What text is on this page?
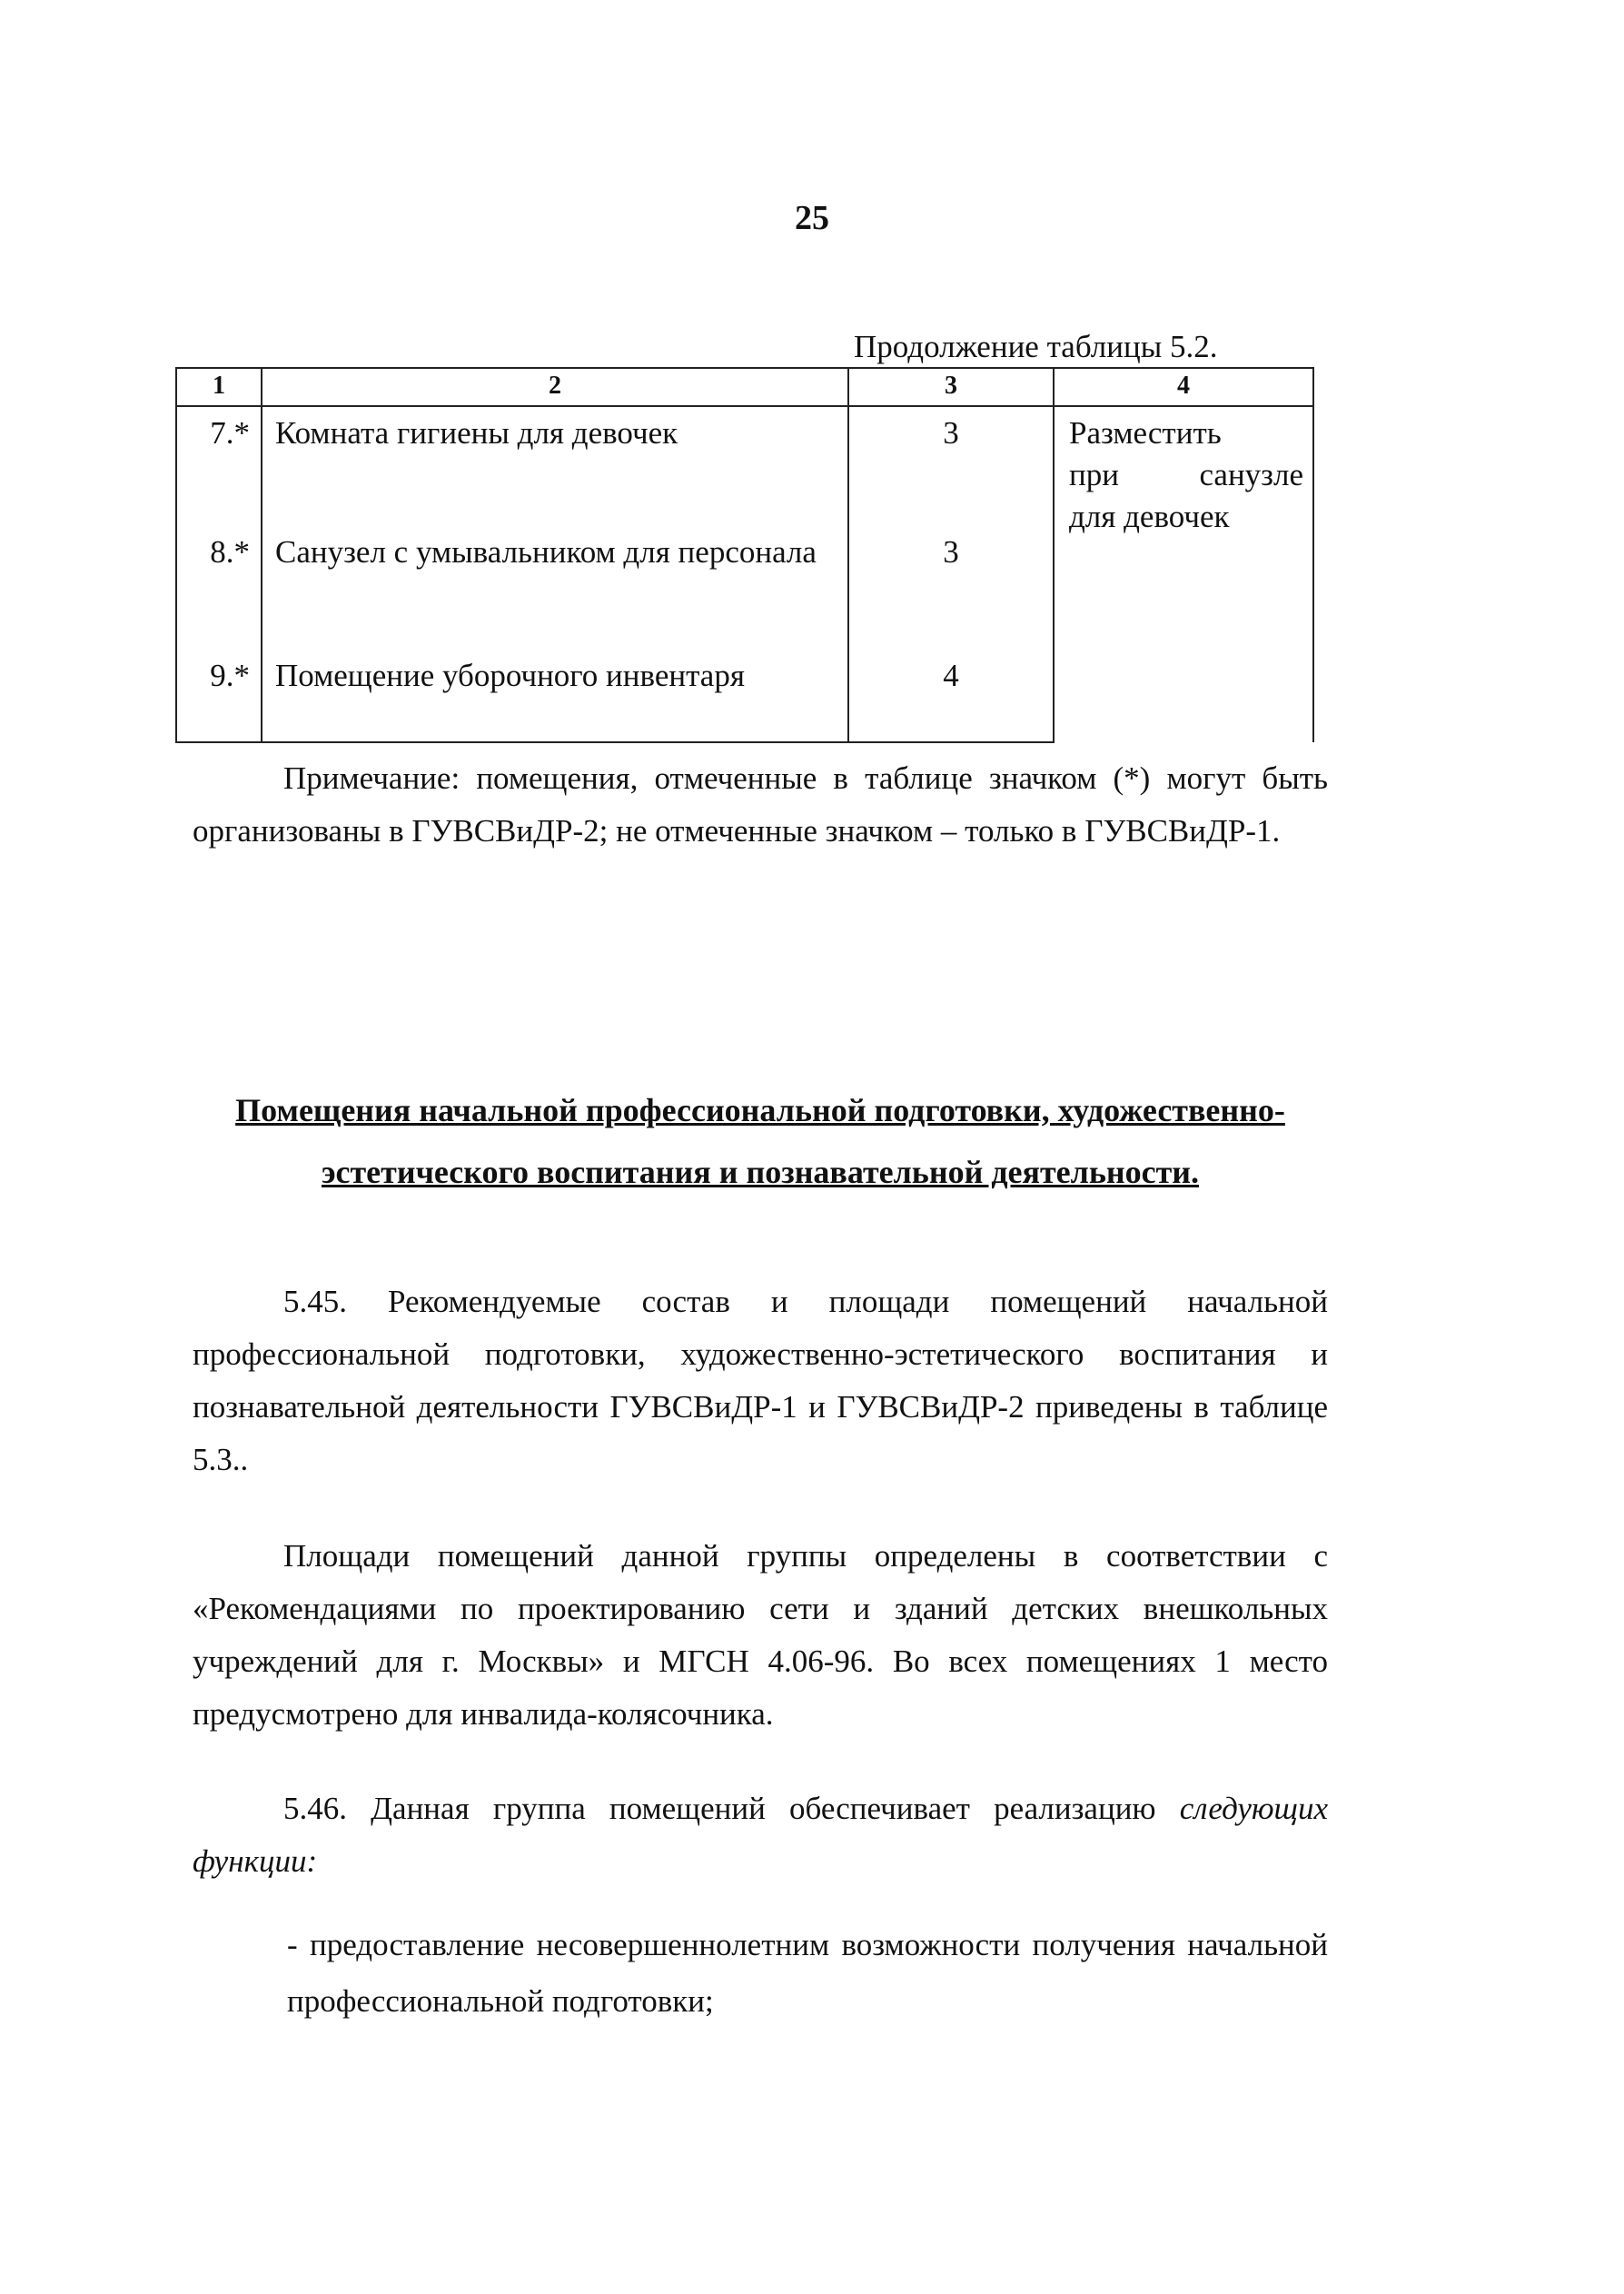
25
Продолжение таблицы 5.2.
1	2	3	4
7.*	Комната гигиены для девочек	3	Разместить
при санузле
для девочек

8.*	Санузел с умывальником для персонала	3	
9.*	Помещение уборочного инвентаря	4	

Примечание: помещения, отмеченные в таблице значком (*) могут быть организованы в ГУВСВиДР-2; не отмеченные значком – только в ГУВСВиДР-1.

Помещения начальной профессиональной подготовки, художественно-эстетического воспитания и познавательной деятельности.

5.45. Рекомендуемые состав и площади помещений начальной профессиональной подготовки, художественно-эстетического воспитания и познавательной деятельности ГУВСВиДР-1 и ГУВСВиДР-2 приведены в таблице 5.3..

Площади помещений данной группы определены в соответствии с «Рекомендациями по проектированию сети и зданий детских внешкольных учреждений для г. Москвы» и МГСН 4.06-96. Во всех помещениях 1 место предусмотрено для инвалида-колясочника.

5.46. Данная группа помещений обеспечивает реализацию следующих функции:

- предоставление несовершеннолетним возможности получения начальной профессиональной подготовки;
